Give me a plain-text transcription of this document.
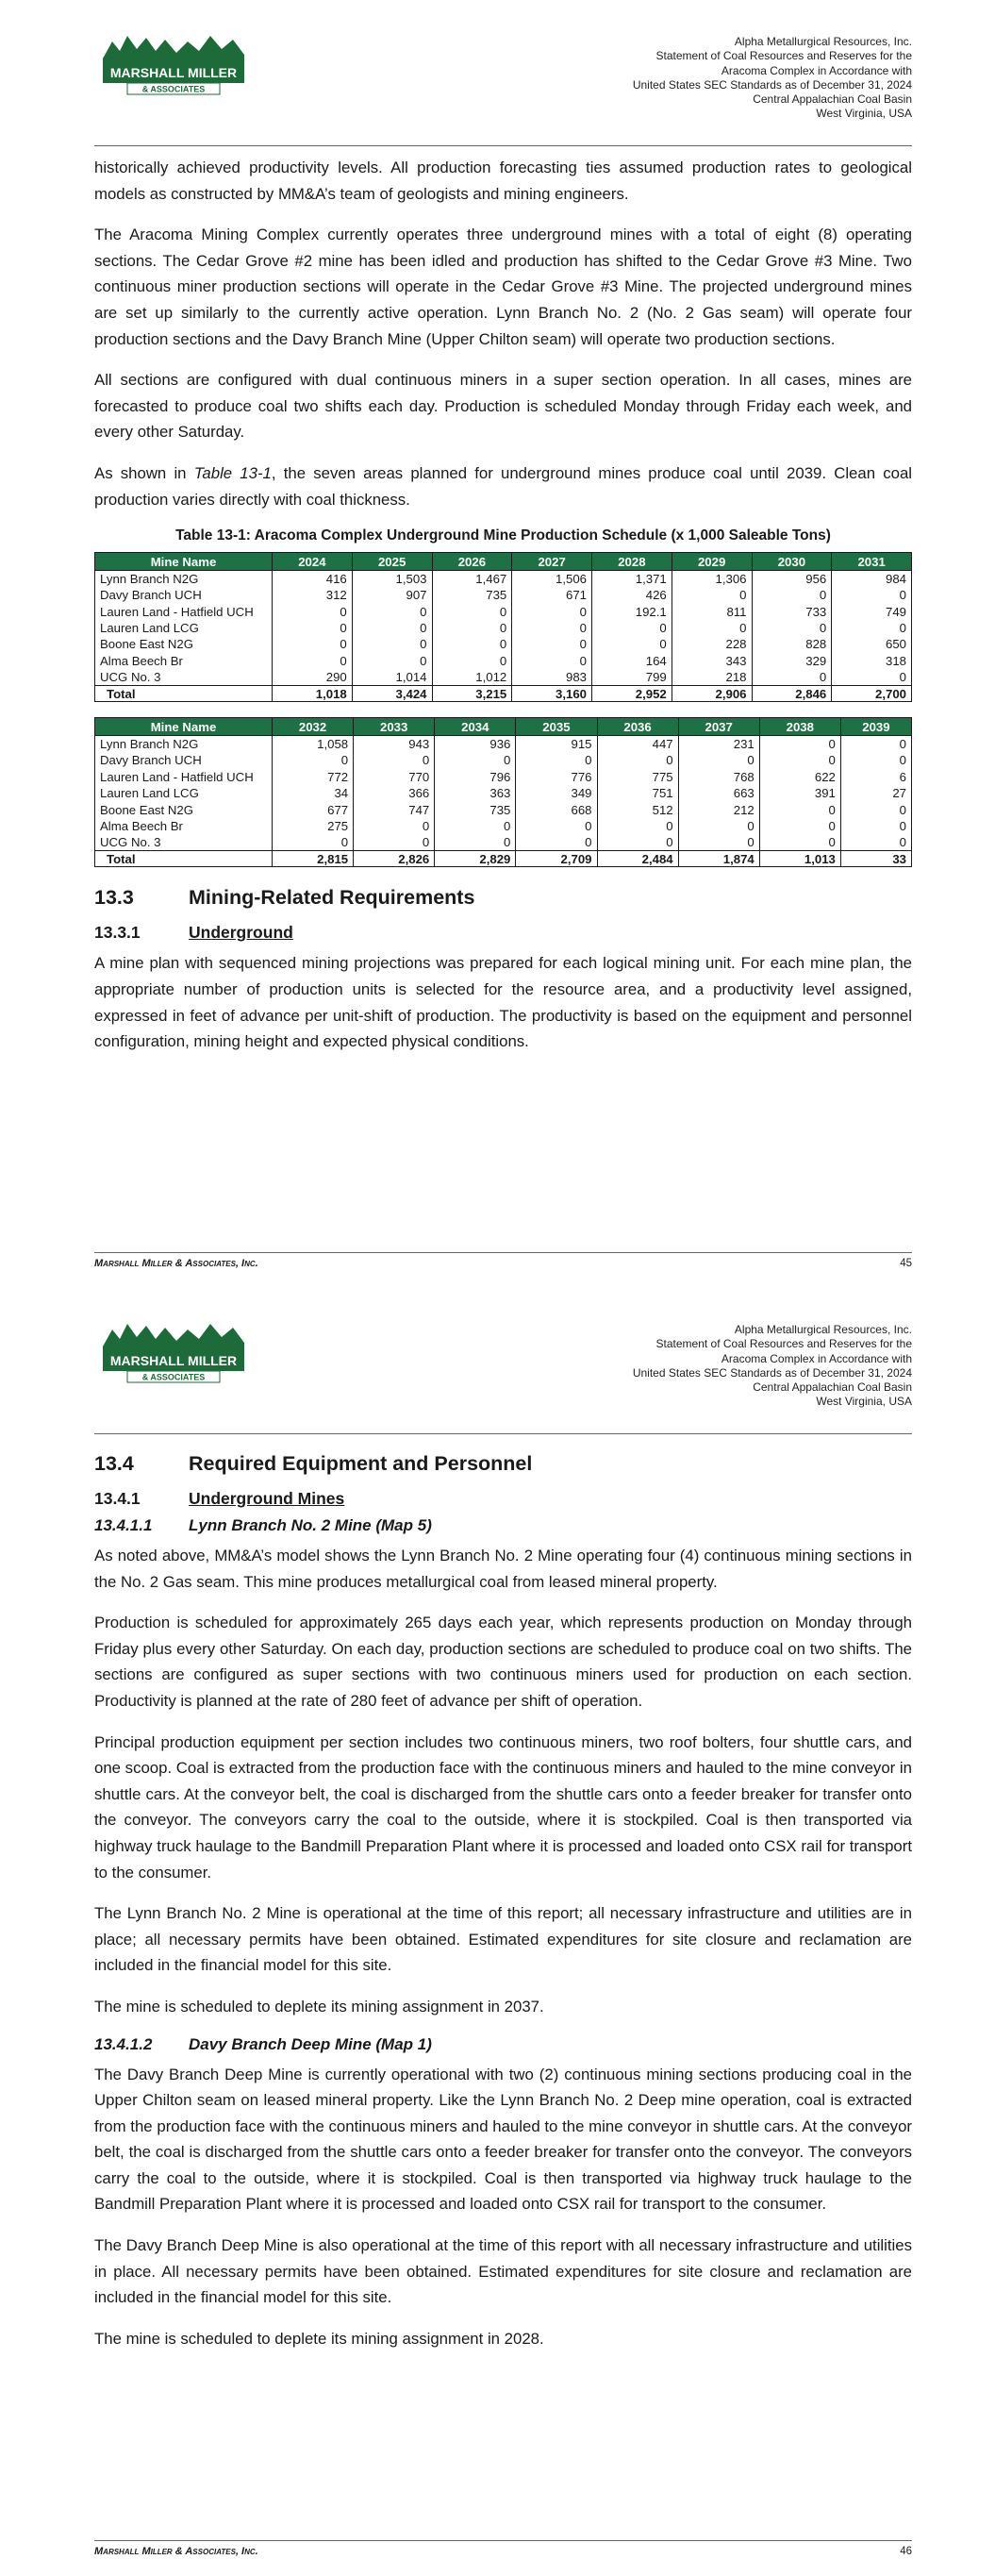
MARSHALL MILLER
& ASSOCIATES
Alpha Metallurgical Resources, Inc.
Statement of Coal Resources and Reserves for the
Aracoma Complex in Accordance with
United States SEC Standards as of December 31, 2024
Central Appalachian Coal Basin
West Virginia, USA

historically achieved productivity levels. All production forecasting ties assumed production rates to geological models as constructed by MM&A’s team of geologists and mining engineers.

The Aracoma Mining Complex currently operates three underground mines with a total of eight (8) operating sections. The Cedar Grove #2 mine has been idled and production has shifted to the Cedar Grove #3 Mine. Two continuous miner production sections will operate in the Cedar Grove #3 Mine. The projected underground mines are set up similarly to the currently active operation. Lynn Branch No. 2 (No. 2 Gas seam) will operate four production sections and the Davy Branch Mine (Upper Chilton seam) will operate two production sections.

All sections are configured with dual continuous miners in a super section operation. In all cases, mines are forecasted to produce coal two shifts each day. Production is scheduled Monday through Friday each week, and every other Saturday.

As shown in Table 13-1, the seven areas planned for underground mines produce coal until 2039. Clean coal production varies directly with coal thickness.

Table 13-1: Aracoma Complex Underground Mine Production Schedule (x 1,000 Saleable Tons)
Mine Name	2024	2025	2026	2027	2028	2029	2030	2031
Lynn Branch N2G	416	1,503	1,467	1,506	1,371	1,306	956	984
Davy Branch UCH	312	907	735	671	426	0	0	0
Lauren Land - Hatfield UCH	0	0	0	0	192.1	811	733	749
Lauren Land LCG	0	0	0	0	0	0	0	0
Boone East N2G	0	0	0	0	0	228	828	650
Alma Beech Br	0	0	0	0	164	343	329	318
UCG No. 3	290	1,014	1,012	983	799	218	0	0
Total	1,018	3,424	3,215	3,160	2,952	2,906	2,846	2,700
Mine Name	2032	2033	2034	2035	2036	2037	2038	2039
Lynn Branch N2G	1,058	943	936	915	447	231	0	0
Davy Branch UCH	0	0	0	0	0	0	0	0
Lauren Land - Hatfield UCH	772	770	796	776	775	768	622	6
Lauren Land LCG	34	366	363	349	751	663	391	27
Boone East N2G	677	747	735	668	512	212	0	0
Alma Beech Br	275	0	0	0	0	0	0	0
UCG No. 3	0	0	0	0	0	0	0	0
Total	2,815	2,826	2,829	2,709	2,484	1,874	1,013	33
13.3	Mining-Related Requirements
13.3.1	Underground

A mine plan with sequenced mining projections was prepared for each logical mining unit. For each mine plan, the appropriate number of production units is selected for the resource area, and a productivity level assigned, expressed in feet of advance per unit-shift of production. The productivity is based on the equipment and personnel configuration, mining height and expected physical conditions.

Marshall Miller & Associates, Inc.	45
MARSHALL MILLER
& ASSOCIATES
Alpha Metallurgical Resources, Inc.
Statement of Coal Resources and Reserves for the
Aracoma Complex in Accordance with
United States SEC Standards as of December 31, 2024
Central Appalachian Coal Basin
West Virginia, USA
13.4	Required Equipment and Personnel
13.4.1	Underground Mines
13.4.1.1	Lynn Branch No. 2 Mine (Map 5)

As noted above, MM&A’s model shows the Lynn Branch No. 2 Mine operating four (4) continuous mining sections in the No. 2 Gas seam. This mine produces metallurgical coal from leased mineral property.

Production is scheduled for approximately 265 days each year, which represents production on Monday through Friday plus every other Saturday. On each day, production sections are scheduled to produce coal on two shifts. The sections are configured as super sections with two continuous miners used for production on each section. Productivity is planned at the rate of 280 feet of advance per shift of operation.

Principal production equipment per section includes two continuous miners, two roof bolters, four shuttle cars, and one scoop. Coal is extracted from the production face with the continuous miners and hauled to the mine conveyor in shuttle cars. At the conveyor belt, the coal is discharged from the shuttle cars onto a feeder breaker for transfer onto the conveyor. The conveyors carry the coal to the outside, where it is stockpiled. Coal is then transported via highway truck haulage to the Bandmill Preparation Plant where it is processed and loaded onto CSX rail for transport to the consumer.

The Lynn Branch No. 2 Mine is operational at the time of this report; all necessary infrastructure and utilities are in place; all necessary permits have been obtained. Estimated expenditures for site closure and reclamation are included in the financial model for this site.

The mine is scheduled to deplete its mining assignment in 2037.

13.4.1.2	Davy Branch Deep Mine (Map 1)

The Davy Branch Deep Mine is currently operational with two (2) continuous mining sections producing coal in the Upper Chilton seam on leased mineral property. Like the Lynn Branch No. 2 Deep mine operation, coal is extracted from the production face with the continuous miners and hauled to the mine conveyor in shuttle cars. At the conveyor belt, the coal is discharged from the shuttle cars onto a feeder breaker for transfer onto the conveyor. The conveyors carry the coal to the outside, where it is stockpiled. Coal is then transported via highway truck haulage to the Bandmill Preparation Plant where it is processed and loaded onto CSX rail for transport to the consumer.

The Davy Branch Deep Mine is also operational at the time of this report with all necessary infrastructure and utilities in place. All necessary permits have been obtained. Estimated expenditures for site closure and reclamation are included in the financial model for this site.

The mine is scheduled to deplete its mining assignment in 2028.

Marshall Miller & Associates, Inc.	46
